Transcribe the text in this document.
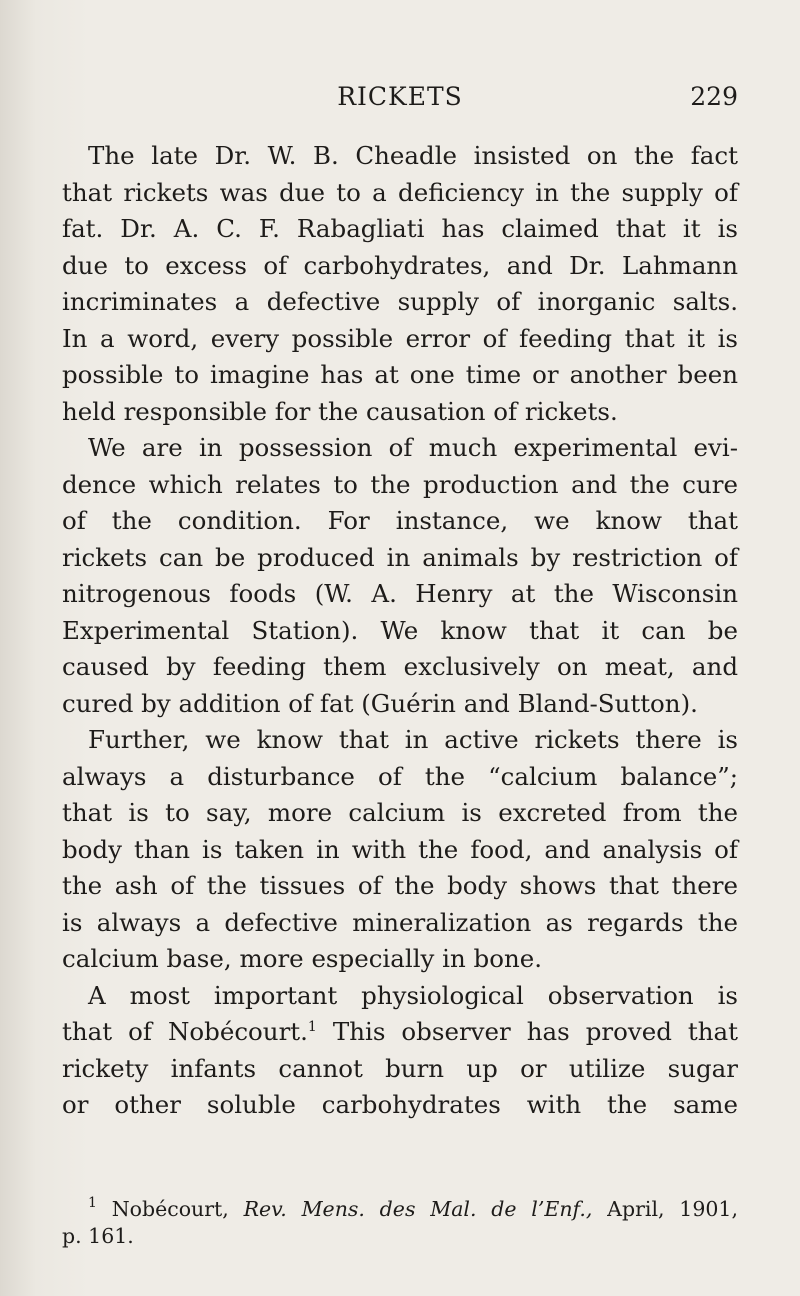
RICKETS	229
The late Dr. W. B. Cheadle insisted on the fact
that rickets was due to a deficiency in the supply of
fat. Dr. A. C. F. Rabagliati has claimed that it is
due to excess of carbohydrates, and Dr. Lahmann
incriminates a defective supply of inorganic salts.
In a word, every possible error of feeding that it is
possible to imagine has at one time or another been
held responsible for the causation of rickets.
We are in possession of much experimental evi-
dence which relates to the production and the cure
of the condition. For instance, we know that
rickets can be produced in animals by restriction of
nitrogenous foods (W. A. Henry at the Wisconsin
Experimental Station). We know that it can be
caused by feeding them exclusively on meat, and
cured by addition of fat (Guérin and Bland-Sutton).
Further, we know that in active rickets there is
always a disturbance of the “calcium balance”;
that is to say, more calcium is excreted from the
body than is taken in with the food, and analysis of
the ash of the tissues of the body shows that there
is always a defective mineralization as regards the
calcium base, more especially in bone.
A most important physiological observation is
that of Nobécourt.$^1$ This observer has proved that
rickety infants cannot burn up or utilize sugar
or other soluble carbohydrates with the same
$^1$ Nobécourt, Rev. Mens. des Mal. de l’Enf., April, 1901,
p. 161.
